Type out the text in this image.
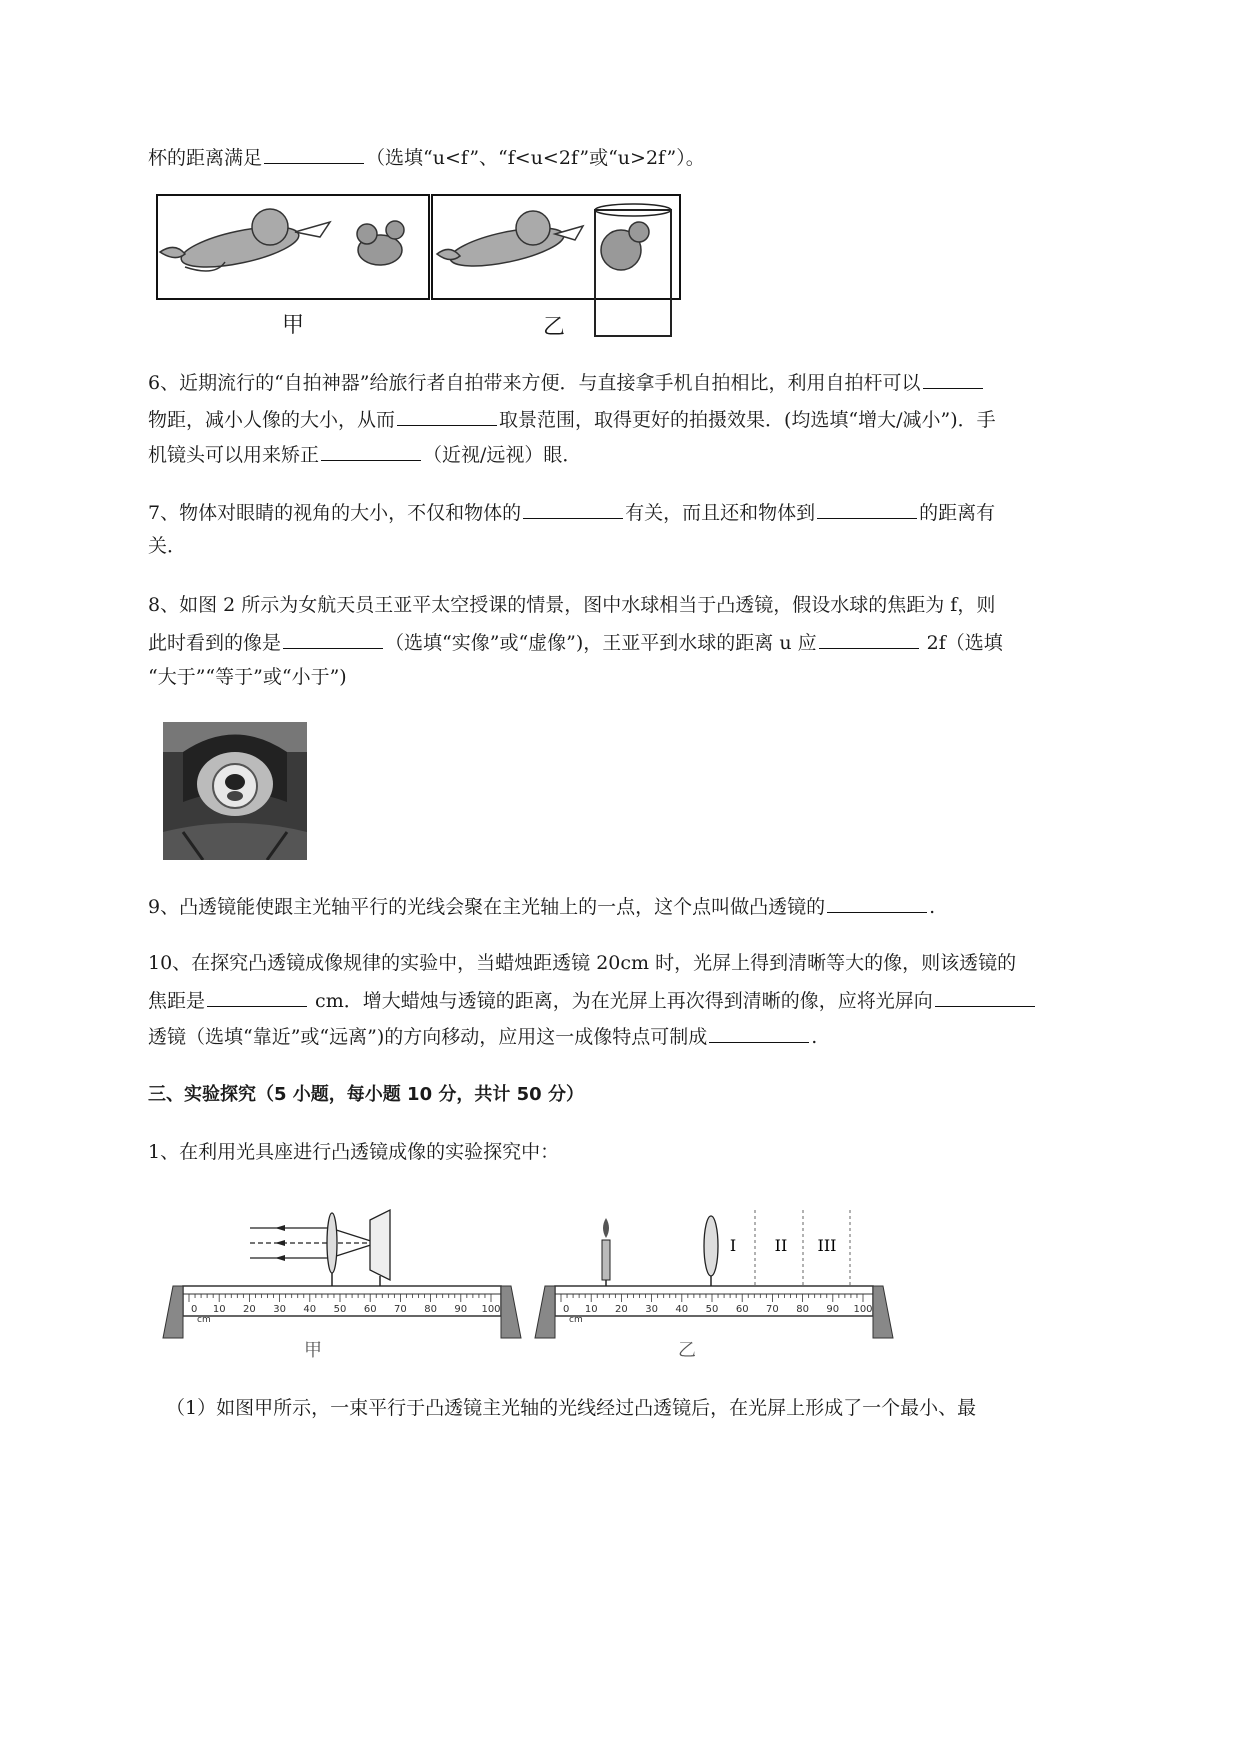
杯的距离满足	（选填“u<f”、“f<u<2f”或“u>2f”）。
甲	乙
6、近期流行的“自拍神器”给旅行者自拍带来方便．与直接拿手机自拍相比，利用自拍杆可以
物距，减小人像的大小，从而	取景范围，取得更好的拍摄效果．(均选填“增大/减小”)．手
机镜头可以用来矫正	（近视/远视）眼．
7、物体对眼睛的视角的大小，不仅和物体的	有关，而且还和物体到	的距离有
关．
8、如图 2 所示为女航天员王亚平太空授课的情景，图中水球相当于凸透镜，假设水球的焦距为 f，则
此时看到的像是	（选填“实像”或“虚像”)，王亚平到水球的距离 u 应	2f（选填
“大于”“等于”或“小于”)
9、凸透镜能使跟主光轴平行的光线会聚在主光轴上的一点，这个点叫做凸透镜的	.
10、在探究凸透镜成像规律的实验中，当蜡烛距透镜 20cm 时，光屏上得到清晰等大的像，则该透镜的
焦距是	cm．增大蜡烛与透镜的距离，为在光屏上再次得到清晰的像，应将光屏向
透镜（选填“靠近”或“远离”)的方向移动，应用这一成像特点可制成	.
三、实验探究（5 小题，每小题 10 分，共计 50 分）
1、在利用光具座进行凸透镜成像的实验探究中：
0 10 20 30 40 50 60 70 80 90 100
cm
0 10 20 30 40 50 60 70 80 90 100
cm
I II III
甲	乙
（1）如图甲所示，一束平行于凸透镜主光轴的光线经过凸透镜后，在光屏上形成了一个最小、最
